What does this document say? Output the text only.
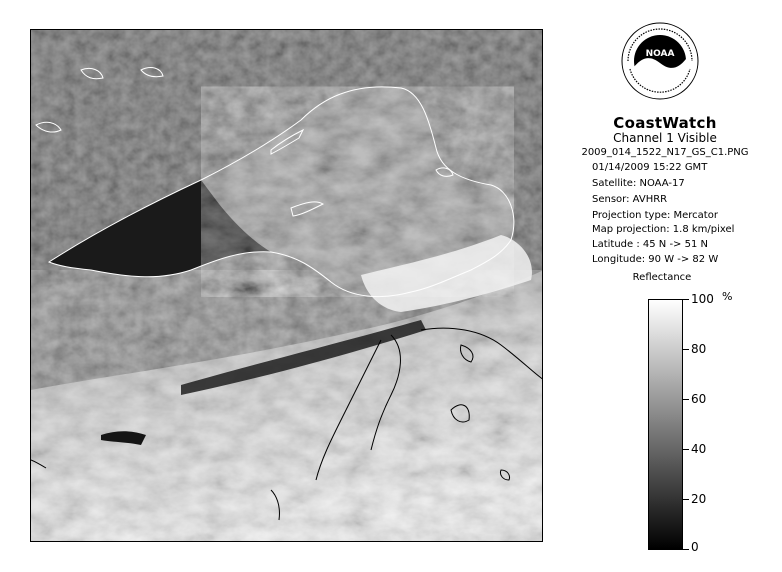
NOAA
CoastWatch
Channel 1 Visible
2009_014_1522_N17_GS_C1.PNG
01/14/2009 15:22 GMT
Satellite: NOAA-17
Sensor: AVHRR
Projection type: Mercator
Map projection: 1.8 km/pixel
Latitude : 45 N -> 51 N
Longitude: 90 W -> 82 W
Reflectance
%
100
80
60
40
20
0
